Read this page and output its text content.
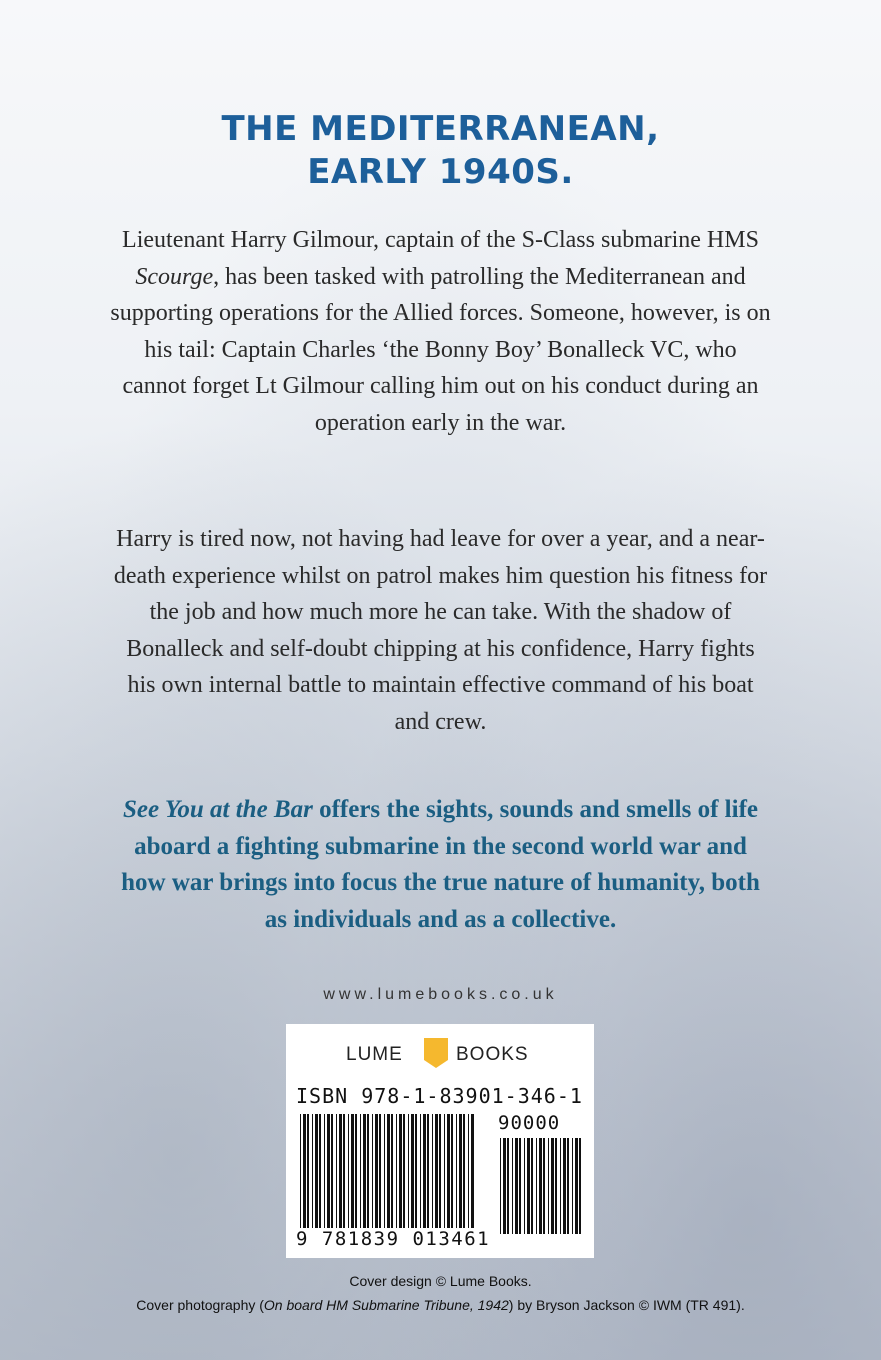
THE MEDITERRANEAN,
EARLY 1940S.
Lieutenant Harry Gilmour, captain of the S-Class submarine HMS Scourge, has been tasked with patrolling the Mediterranean and supporting operations for the Allied forces. Someone, however, is on his tail: Captain Charles ‘the Bonny Boy’ Bonalleck VC, who cannot forget Lt Gilmour calling him out on his conduct during an operation early in the war.
Harry is tired now, not having had leave for over a year, and a near-death experience whilst on patrol makes him question his fitness for the job and how much more he can take. With the shadow of Bonalleck and self-doubt chipping at his confidence, Harry fights his own internal battle to maintain effective command of his boat and crew.
See You at the Bar offers the sights, sounds and smells of life aboard a fighting submarine in the second world war and how war brings into focus the true nature of humanity, both as individuals and as a collective.
www.lumebooks.co.uk
LUME	BOOKS
ISBN 978-1-83901-346-1
90000
9 781839 013461
Cover design © Lume Books.
Cover photography (On board HM Submarine Tribune, 1942) by Bryson Jackson © IWM (TR 491).
